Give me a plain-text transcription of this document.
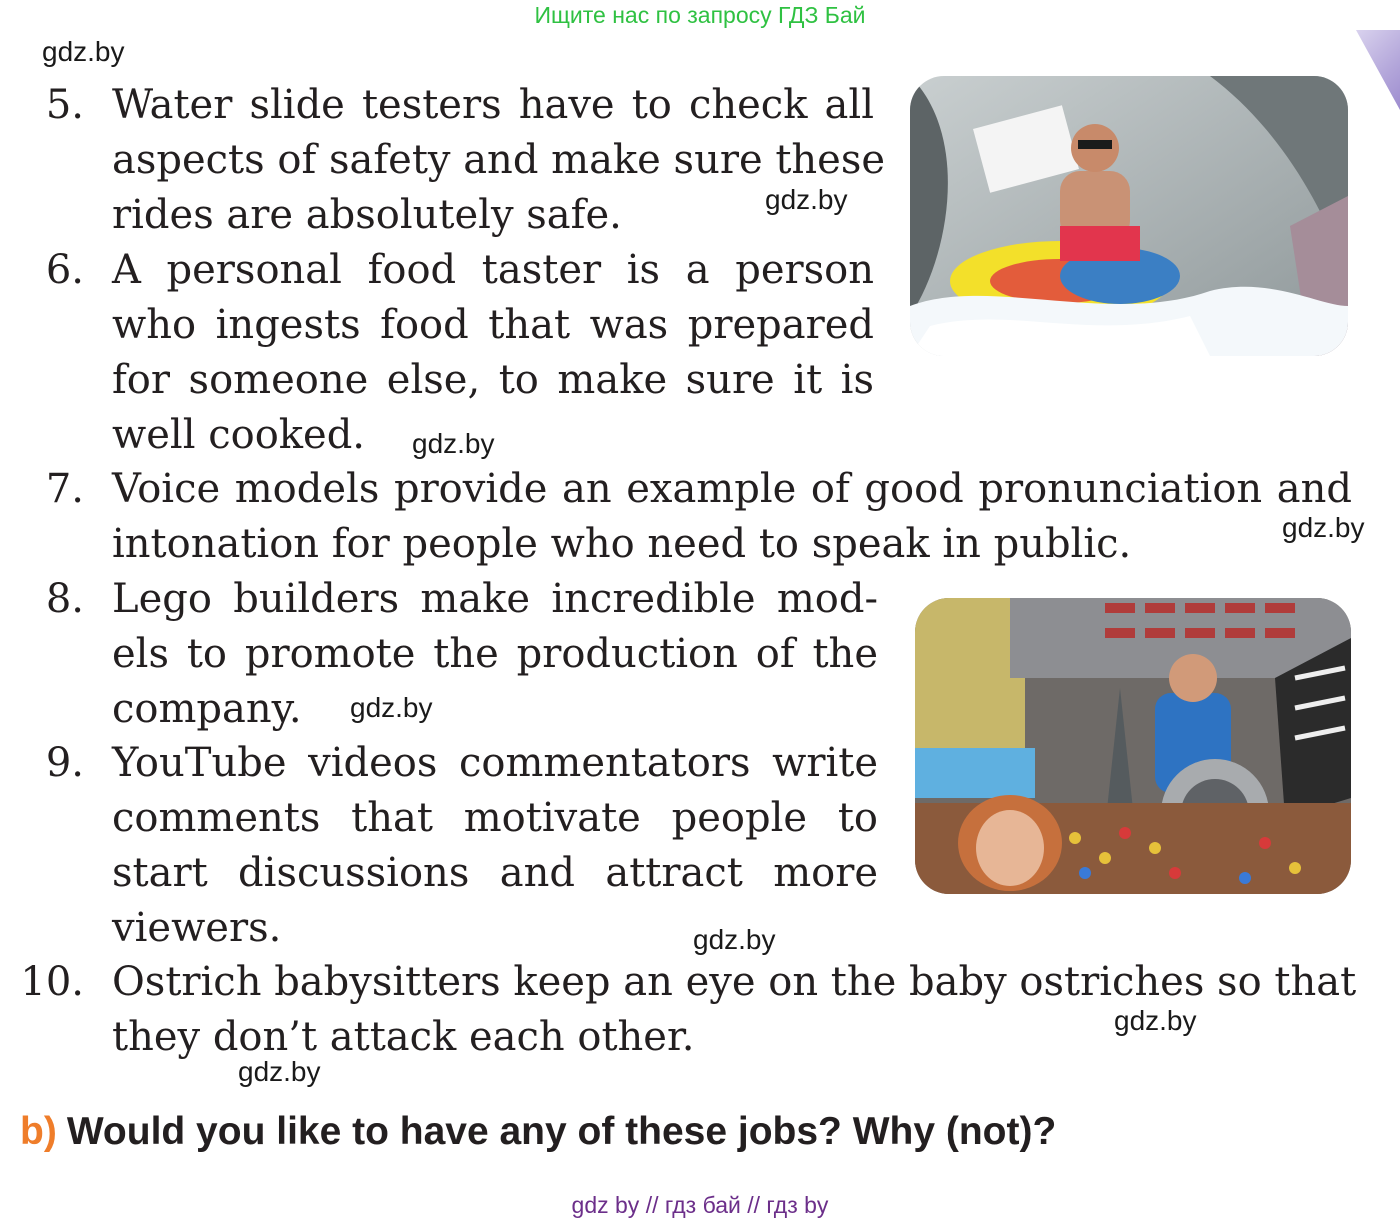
Ищите нас по запросу ГДЗ Бай
gdz.by
gdz.by
gdz.by
gdz.by
gdz.by
gdz.by
gdz.by
gdz.by
5. Water slide testers have to check all
aspects of safety and make sure these
rides are absolutely safe.
6. A personal food taster is a person
who ingests food that was prepared
for someone else, to make sure it is
well cooked.
7. Voice models provide an example of good pronunciation and
intonation for people who need to speak in public.
8. Lego builders make incredible mod-
els to promote the production of the
company.
9. YouTube videos commentators write
comments that motivate people to
start discussions and attract more
viewers.
10. Ostrich babysitters keep an eye on the baby ostriches so that
they don’t attack each other.
b) Would you like to have any of these jobs? Why (not)?
gdz by // гдз бай // гдз by
